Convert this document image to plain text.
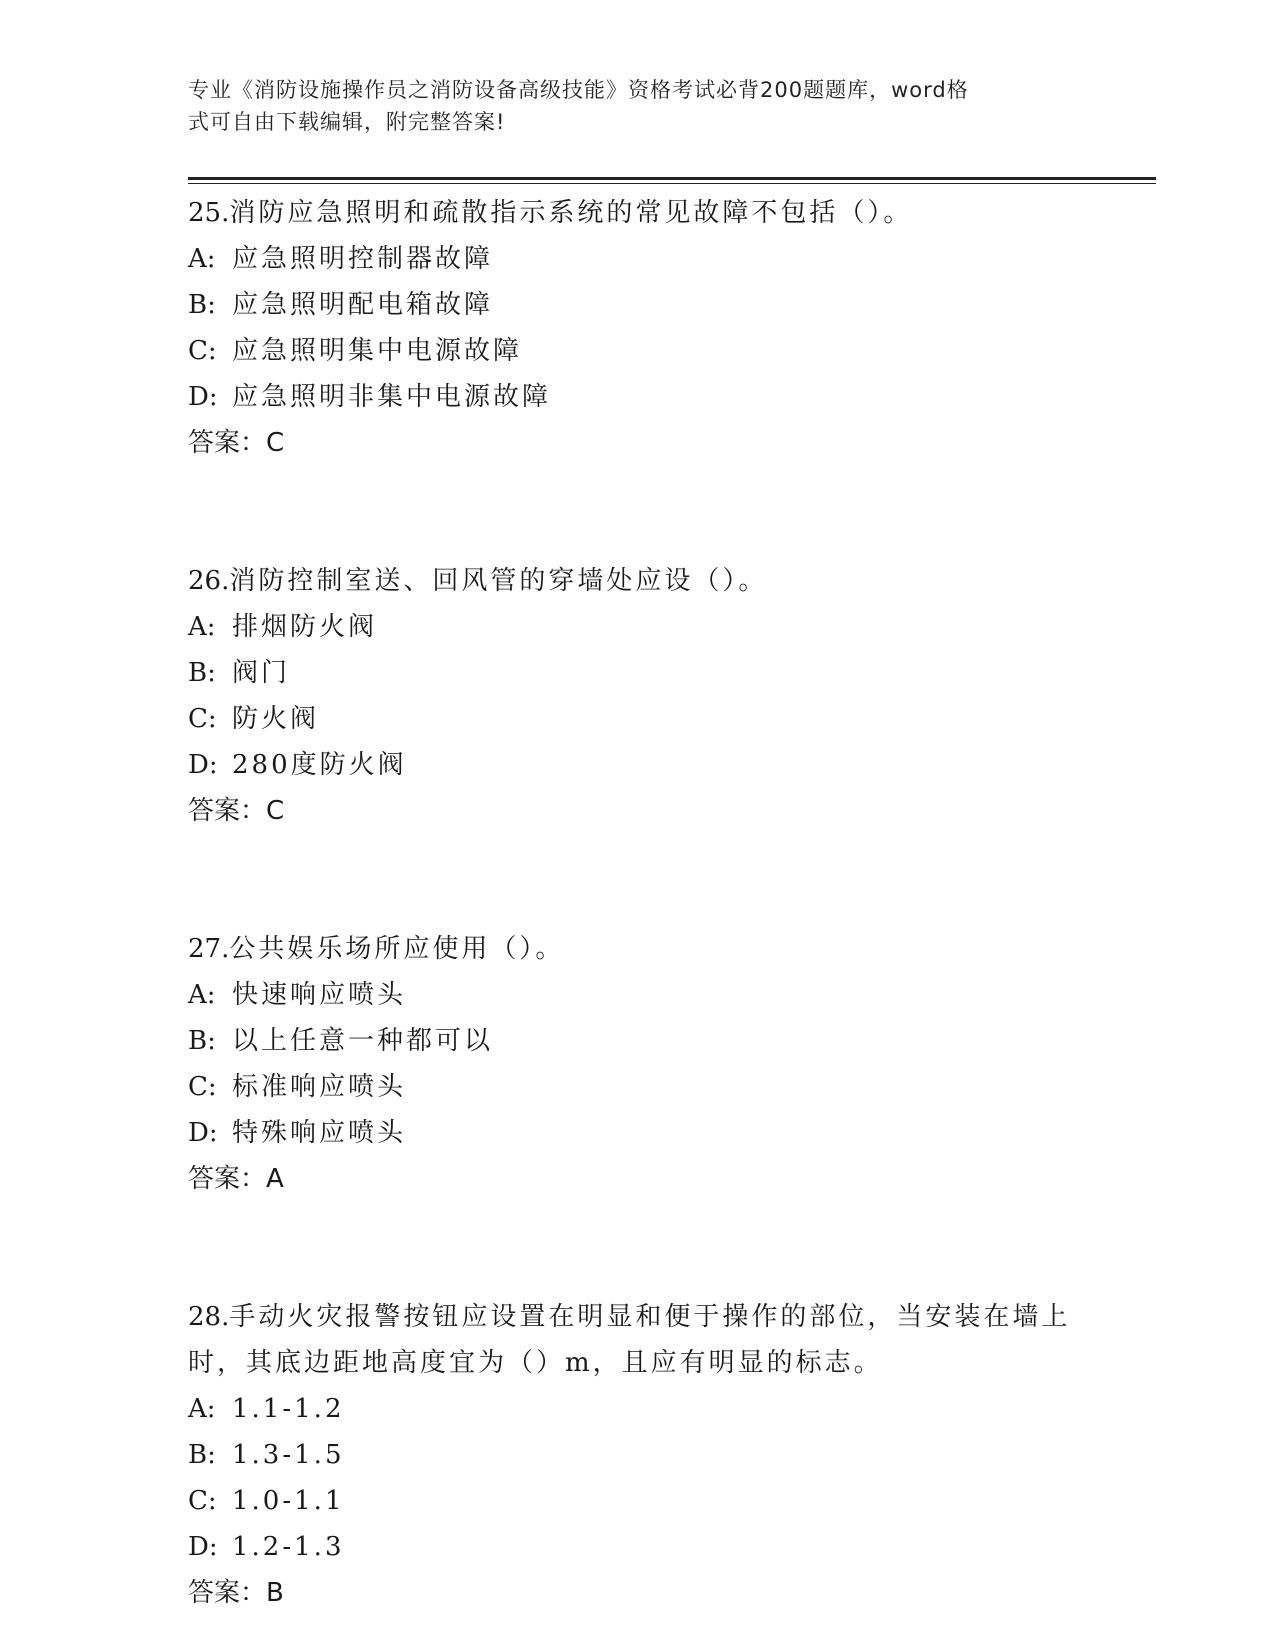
专业《消防设施操作员之消防设备高级技能》资格考试必背200题题库，word格
式可自由下载编辑，附完整答案!

25.消防应急照明和疏散指示系统的常见故障不包括（）。

A: 应急照明控制器故障

B: 应急照明配电箱故障

C: 应急照明集中电源故障

D: 应急照明非集中电源故障

答案：C

26.消防控制室送、回风管的穿墙处应设（）。

A: 排烟防火阀

B: 阀门

C: 防火阀

D: 280度防火阀

答案：C

27.公共娱乐场所应使用（）。

A: 快速响应喷头

B: 以上任意一种都可以

C: 标准响应喷头

D: 特殊响应喷头

答案：A

28.手动火灾报警按钮应设置在明显和便于操作的部位，当安装在墙上

时，其底边距地高度宜为（）m，且应有明显的标志。

A: 1.1-1.2

B: 1.3-1.5

C: 1.0-1.1

D: 1.2-1.3

答案：B
